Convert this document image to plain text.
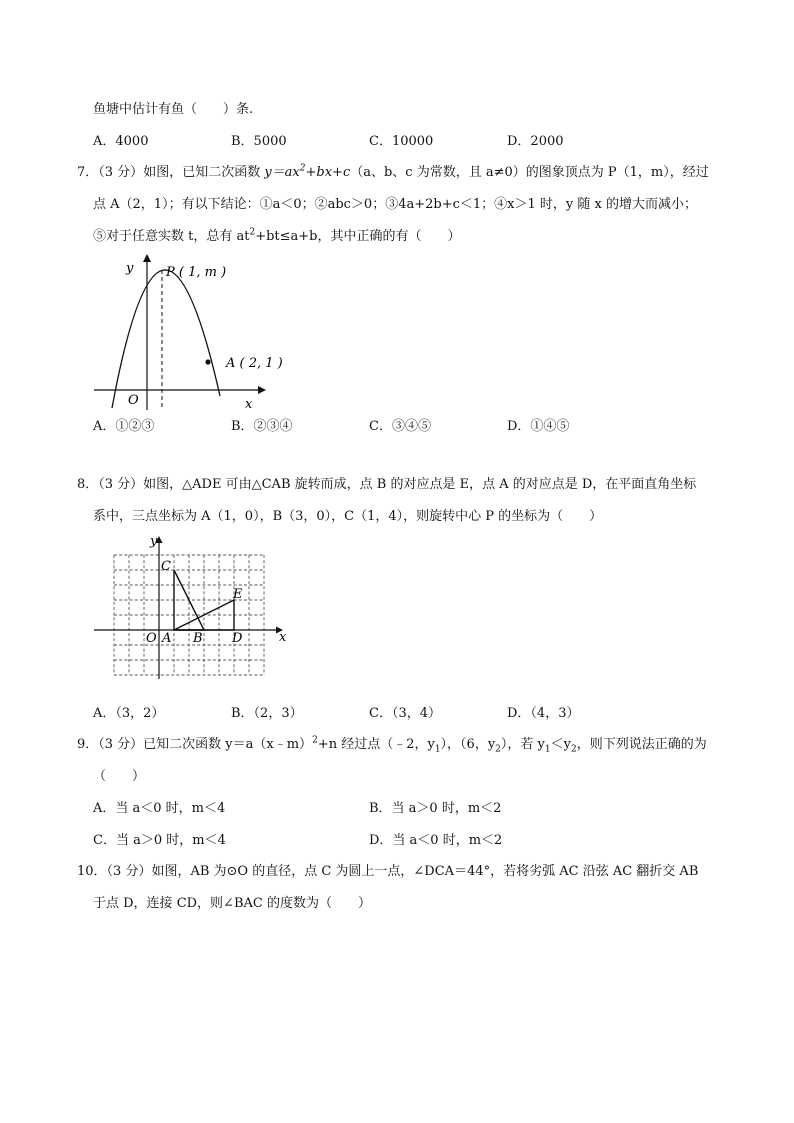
鱼塘中估计有鱼（　　）条.
A．4000	B．5000	C．10000	D．2000
7．（3 分）如图，已知二次函数 $y=ax^2+bx+c(a$、b、c 为常数，且 a≠0）的图象顶点为 P（1，m），经过
点 A（2，1）；有以下结论：①a＜0；②abc＞0；③4a+2b+c＜1；④x＞1 时，y 随 x 的增大而减小；
⑤对于任意实数 t，总有 $at^2+bt\le a+b$，其中正确的有（　　）
y
x
O
P ( 1, m )
A ( 2, 1 )
A．①②③	B．②③④	C．③④⑤	D．①④⑤
8．（3 分）如图，△ADE 可由△CAB 旋转而成，点 B 的对应点是 E，点 A 的对应点是 D，在平面直角坐标
系中，三点坐标为 A（1，0），B（3，0），C（1，4），则旋转中心 P 的坐标为（　　）
y
x
O A B
C
D
E
A．（3，2）	B．（2，3）	C．（3，4）	D．（4，3）
9．（3 分）已知二次函数 y＝a（x﹣m）$^2$+n 经过点（﹣2，$y_1$），（6，$y_2$），若 $y_1<y_2$，则下列说法正确的为
（　　）
A．当 a＜0 时，m＜4	B．当 a＞0 时，m＜2
C．当 a＞0 时，m＜4	D．当 a＜0 时，m＜2
10．（3 分）如图，AB 为⊙O 的直径，点 C 为圆上一点，∠DCA＝44°，若将劣弧 AC 沿弦 AC 翻折交 AB
于点 D，连接 CD，则∠BAC 的度数为（　　）
